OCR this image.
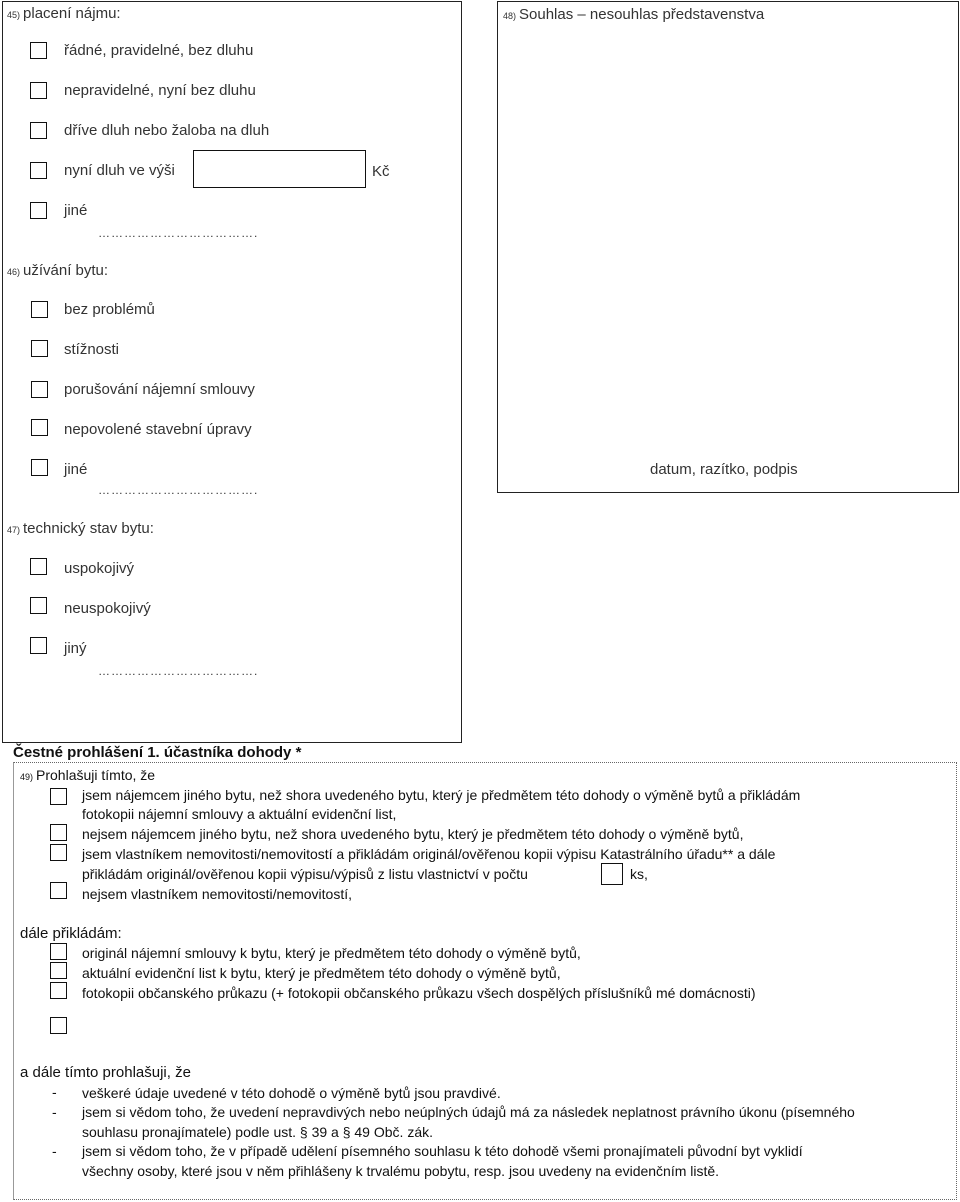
45) placení nájmu:
řádné, pravidelné, bez dluhu
nepravidelné, nyní bez dluhu
dříve dluh nebo žaloba na dluh
nyní dluh ve výši	Kč
jiné
……………………………….
46) užívání bytu:
bez problémů
stížnosti
porušování nájemní smlouvy
nepovolené stavební úpravy
jiné
……………………………….
47) technický stav bytu:
uspokojivý
neuspokojivý
jiný
……………………………….
48) Souhlas – nesouhlas představenstva
datum, razítko, podpis
Čestné prohlášení 1. účastníka dohody *
49) Prohlašuji tímto, že
jsem nájemcem jiného bytu, než shora uvedeného bytu, který je předmětem této dohody o výměně bytů a přikládám
fotokopii nájemní smlouvy a aktuální evidenční list,
nejsem nájemcem jiného bytu, než shora uvedeného bytu, který je předmětem této dohody o výměně bytů,
jsem vlastníkem nemovitosti/nemovitostí a přikládám originál/ověřenou kopii výpisu Katastrálního úřadu** a dále
přikládám originál/ověřenou kopii výpisu/výpisů z listu vlastnictví v počtu	ks,
nejsem vlastníkem nemovitosti/nemovitostí,
dále přikládám:
originál nájemní smlouvy k bytu, který je předmětem této dohody o výměně bytů,
aktuální evidenční list k bytu, který je předmětem této dohody o výměně bytů,
fotokopii občanského průkazu (+ fotokopii občanského průkazu všech dospělých příslušníků mé domácnosti)
a dále tímto prohlašuji, že
- veškeré údaje uvedené v této dohodě o výměně bytů jsou pravdivé.
- jsem si vědom toho, že uvedení nepravdivých nebo neúplných údajů má za následek neplatnost právního úkonu (písemného
souhlasu pronajímatele) podle ust. § 39 a § 49 Obč. zák.
- jsem si vědom toho, že v případě udělení písemného souhlasu k této dohodě všemi pronajímateli původní byt vyklidí
všechny osoby, které jsou v něm přihlášeny k trvalému pobytu, resp. jsou uvedeny na evidenčním listě.
